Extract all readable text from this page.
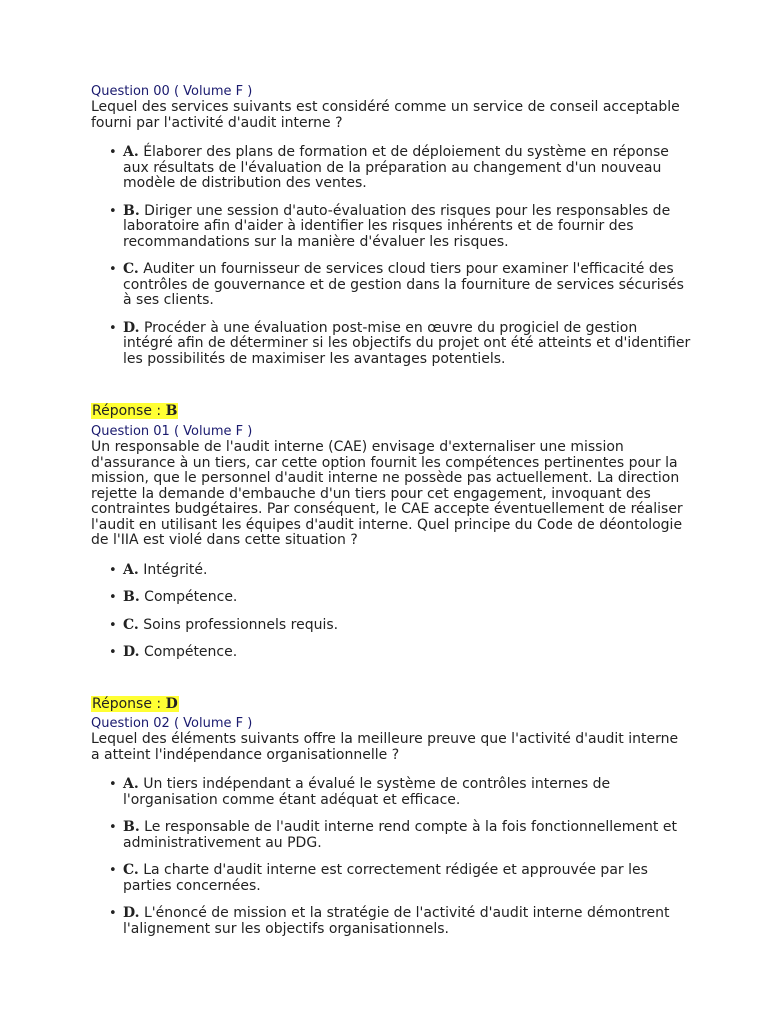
Question 00 ( Volume F )
Lequel des services suivants est considéré comme un service de conseil acceptable fourni par l'activité d'audit interne ?
• A. Élaborer des plans de formation et de déploiement du système en réponse aux résultats de l'évaluation de la préparation au changement d'un nouveau modèle de distribution des ventes.
• B. Diriger une session d'auto-évaluation des risques pour les responsables de laboratoire afin d'aider à identifier les risques inhérents et de fournir des recommandations sur la manière d'évaluer les risques.
• C. Auditer un fournisseur de services cloud tiers pour examiner l'efficacité des contrôles de gouvernance et de gestion dans la fourniture de services sécurisés à ses clients.
• D. Procéder à une évaluation post-mise en œuvre du progiciel de gestion intégré afin de déterminer si les objectifs du projet ont été atteints et d'identifier les possibilités de maximiser les avantages potentiels.
Réponse : B
Question 01 ( Volume F )
Un responsable de l'audit interne (CAE) envisage d'externaliser une mission d'assurance à un tiers, car cette option fournit les compétences pertinentes pour la mission, que le personnel d'audit interne ne possède pas actuellement. La direction rejette la demande d'embauche d'un tiers pour cet engagement, invoquant des contraintes budgétaires. Par conséquent, le CAE accepte éventuellement de réaliser l'audit en utilisant les équipes d'audit interne. Quel principe du Code de déontologie de l'IIA est violé dans cette situation ?
• A. Intégrité.
• B. Compétence.
• C. Soins professionnels requis.
• D. Compétence.
Réponse : D
Question 02 ( Volume F )
Lequel des éléments suivants offre la meilleure preuve que l'activité d'audit interne a atteint l'indépendance organisationnelle ?
• A. Un tiers indépendant a évalué le système de contrôles internes de l'organisation comme étant adéquat et efficace.
• B. Le responsable de l'audit interne rend compte à la fois fonctionnellement et administrativement au PDG.
• C. La charte d'audit interne est correctement rédigée et approuvée par les parties concernées.
• D. L'énoncé de mission et la stratégie de l'activité d'audit interne démontrent l'alignement sur les objectifs organisationnels.
